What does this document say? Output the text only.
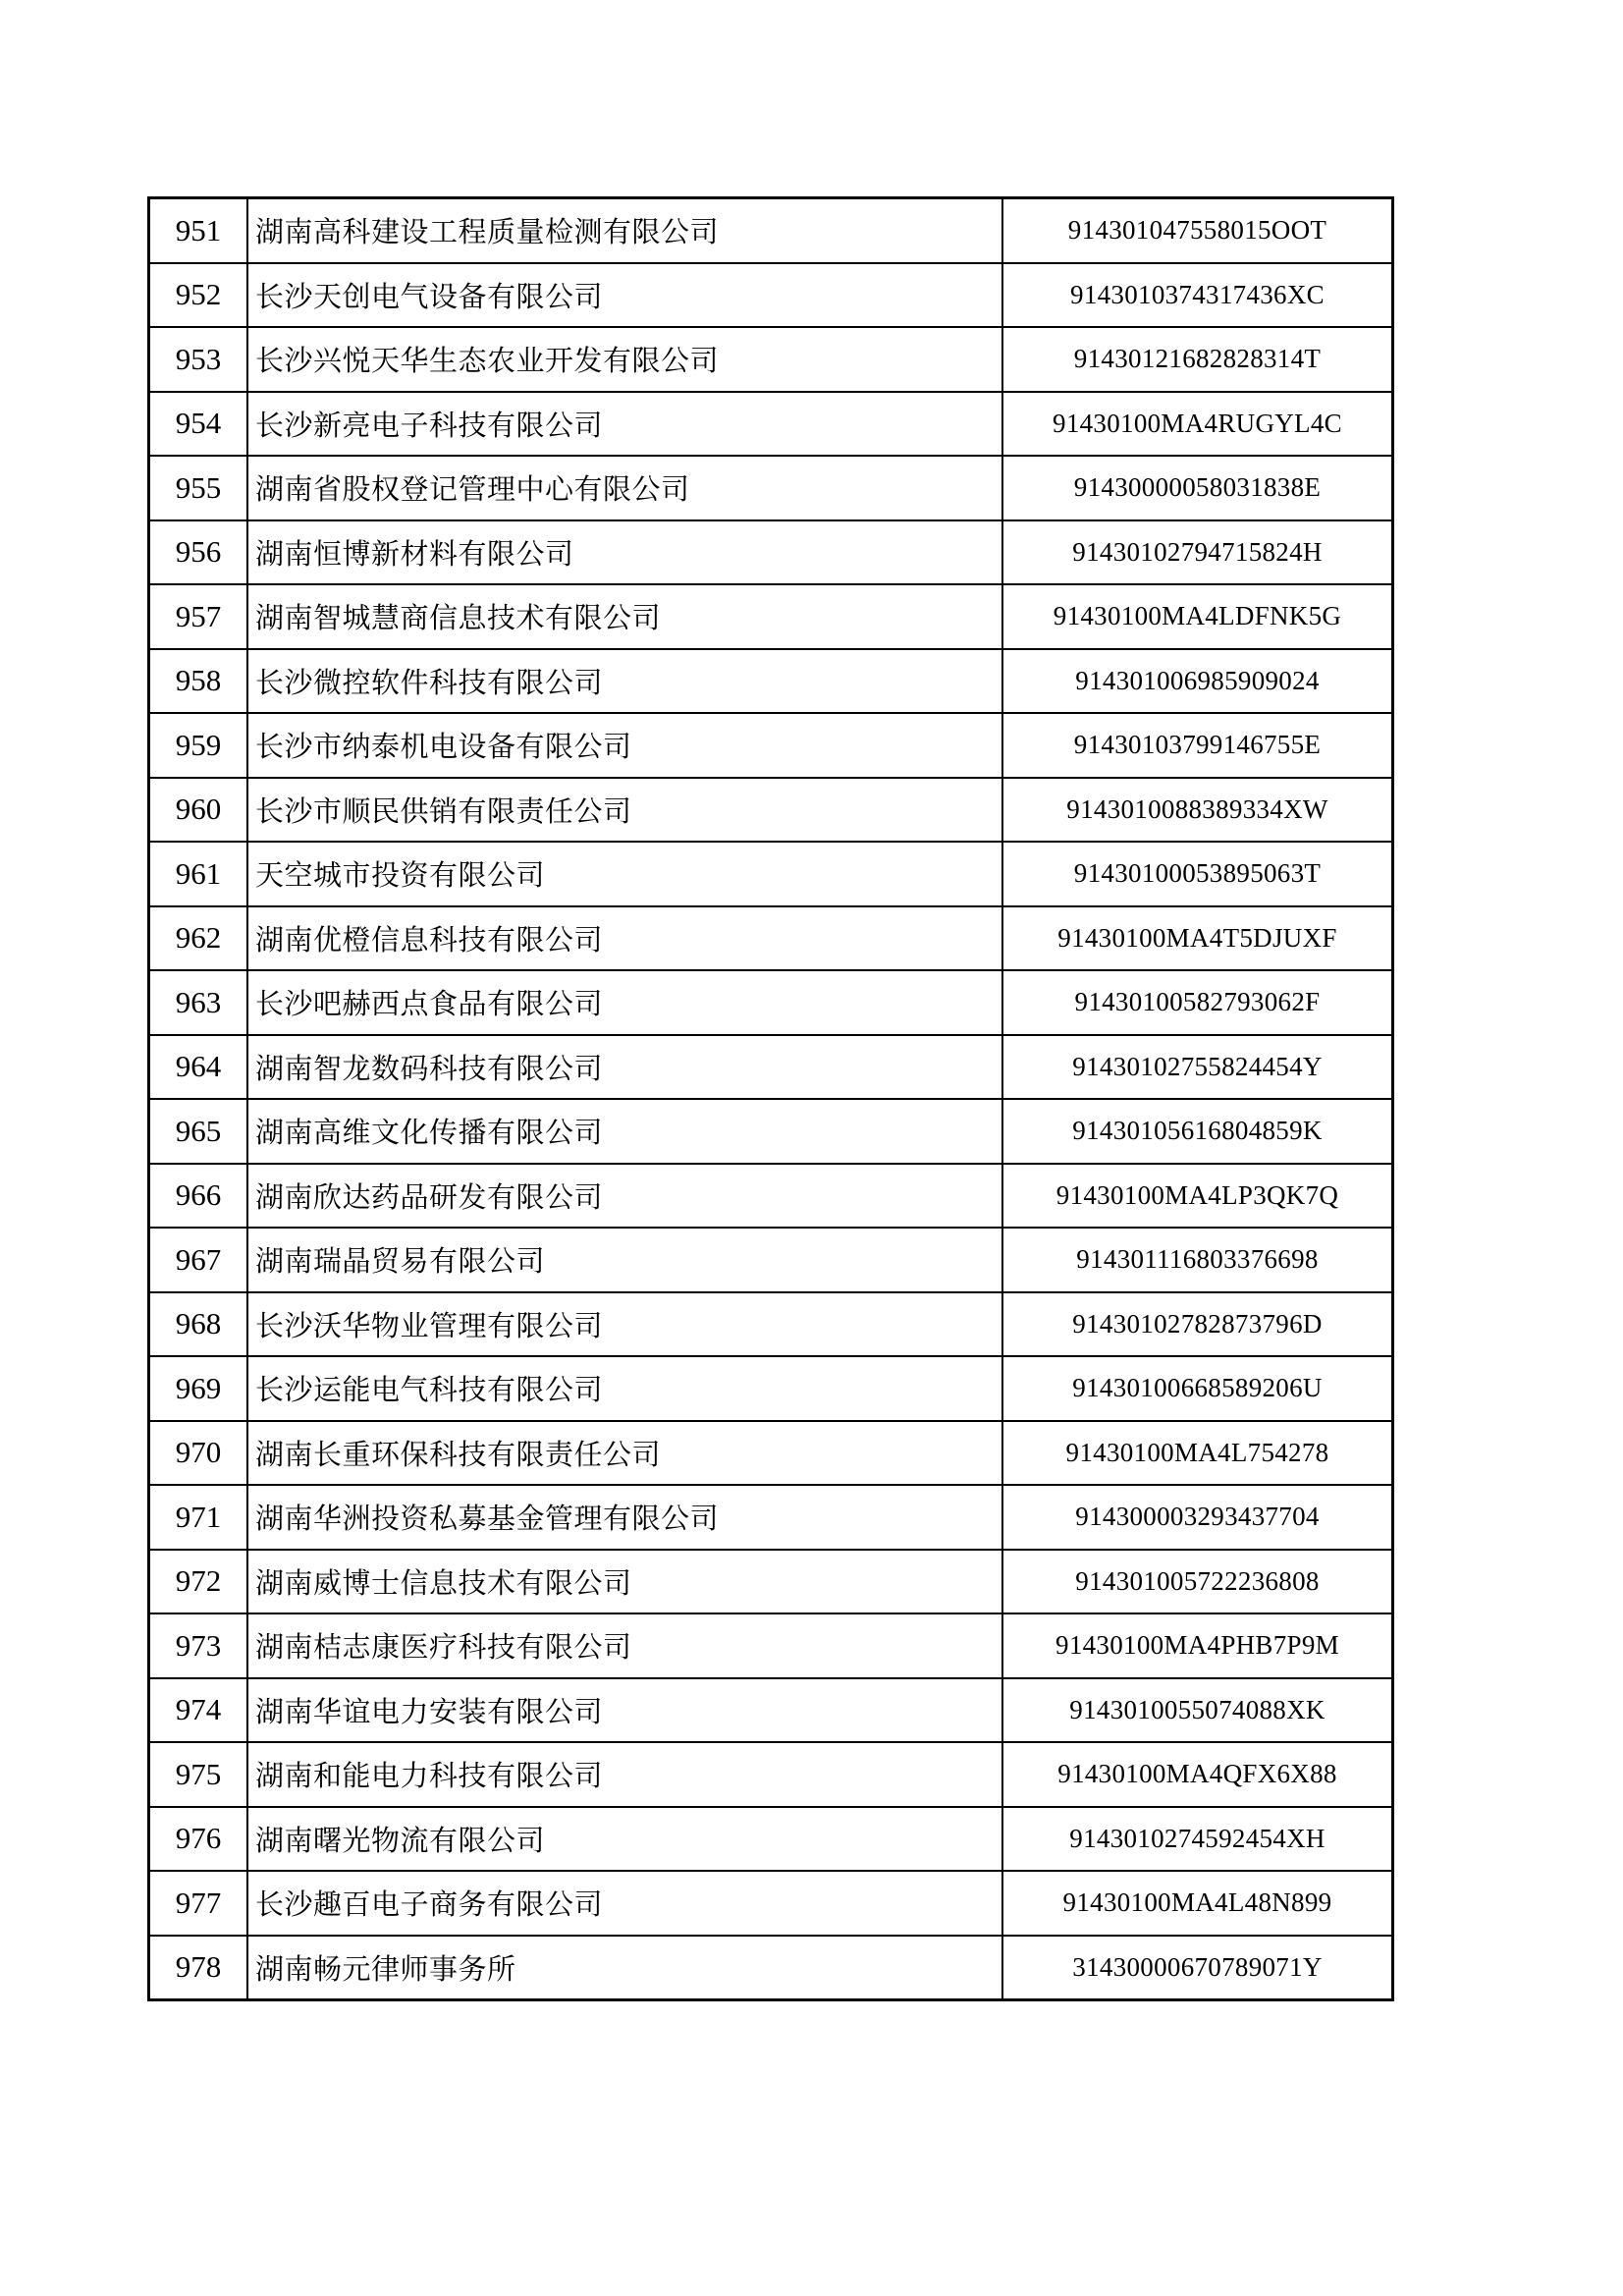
951	湖南高科建设工程质量检测有限公司	914301047558015OOT
952	长沙天创电气设备有限公司	9143010374317436XC
953	长沙兴悦天华生态农业开发有限公司	91430121682828314T
954	长沙新亮电子科技有限公司	91430100MA4RUGYL4C
955	湖南省股权登记管理中心有限公司	91430000058031838E
956	湖南恒博新材料有限公司	91430102794715824H
957	湖南智城慧商信息技术有限公司	91430100MA4LDFNK5G
958	长沙微控软件科技有限公司	914301006985909024
959	长沙市纳泰机电设备有限公司	91430103799146755E
960	长沙市顺民供销有限责任公司	9143010088389334XW
961	天空城市投资有限公司	91430100053895063T
962	湖南优橙信息科技有限公司	91430100MA4T5DJUXF
963	长沙吧赫西点食品有限公司	91430100582793062F
964	湖南智龙数码科技有限公司	91430102755824454Y
965	湖南高维文化传播有限公司	91430105616804859K
966	湖南欣达药品研发有限公司	91430100MA4LP3QK7Q
967	湖南瑞晶贸易有限公司	914301116803376698
968	长沙沃华物业管理有限公司	91430102782873796D
969	长沙运能电气科技有限公司	91430100668589206U
970	湖南长重环保科技有限责任公司	91430100MA4L754278
971	湖南华洲投资私募基金管理有限公司	914300003293437704
972	湖南威博士信息技术有限公司	914301005722236808
973	湖南桔志康医疗科技有限公司	91430100MA4PHB7P9M
974	湖南华谊电力安装有限公司	9143010055074088XK
975	湖南和能电力科技有限公司	91430100MA4QFX6X88
976	湖南曙光物流有限公司	9143010274592454XH
977	长沙趣百电子商务有限公司	91430100MA4L48N899
978	湖南畅元律师事务所	31430000670789071Y
